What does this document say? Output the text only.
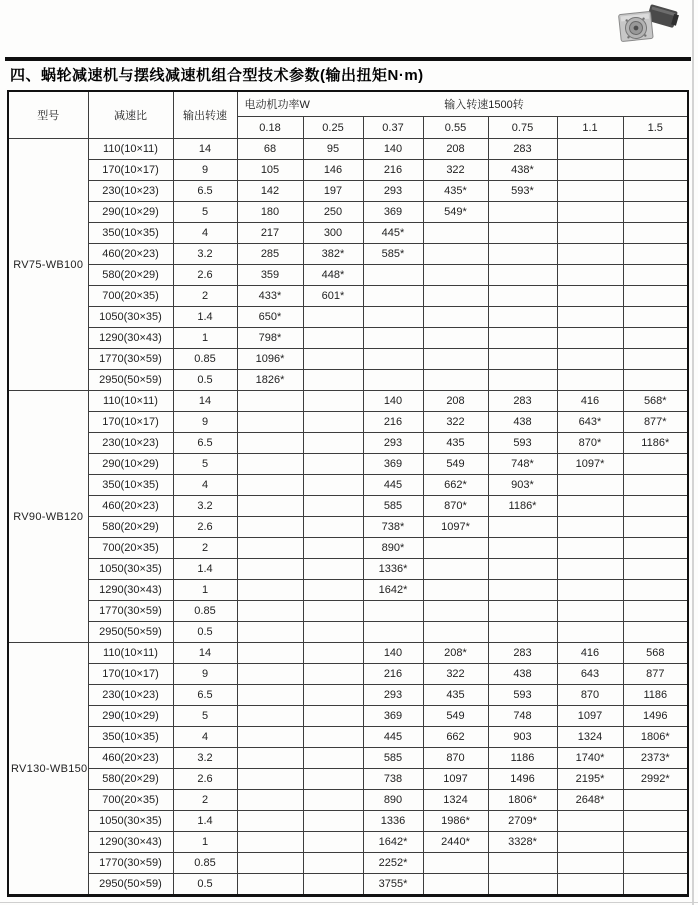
四、蜗轮减速机与摆线减速机组合型技术参数(输出扭矩N·m)
型号	减速比	输出转速	电动机功率W 输入转速1500转						

			0.18	0.25	0.37	0.55	0.75	1.1	1.5
RV75-WB100	110(10×11)	14	68	95	140	208	283		
	170(10×17)	9	105	146	216	322	438*		
	230(10×23)	6.5	142	197	293	435*	593*		
	290(10×29)	5	180	250	369	549*			
	350(10×35)	4	217	300	445*				
	460(20×23)	3.2	285	382*	585*				
	580(20×29)	2.6	359	448*					
	700(20×35)	2	433*	601*					
	1050(30×35)	1.4	650*						
	1290(30×43)	1	798*						
	1770(30×59)	0.85	1096*						
	2950(50×59)	0.5	1826*						
RV90-WB120	110(10×11)	14			140	208	283	416	568*
	170(10×17)	9			216	322	438	643*	877*
	230(10×23)	6.5			293	435	593	870*	1186*
	290(10×29)	5			369	549	748*	1097*	
	350(10×35)	4			445	662*	903*		
	460(20×23)	3.2			585	870*	1186*		
	580(20×29)	2.6			738*	1097*			
	700(20×35)	2			890*				
	1050(30×35)	1.4			1336*				
	1290(30×43)	1			1642*				
	1770(30×59)	0.85							
	2950(50×59)	0.5							
RV130-WB150	110(10×11)	14			140	208*	283	416	568
	170(10×17)	9			216	322	438	643	877
	230(10×23)	6.5			293	435	593	870	1186
	290(10×29)	5			369	549	748	1097	1496
	350(10×35)	4			445	662	903	1324	1806*
	460(20×23)	3.2			585	870	1186	1740*	2373*
	580(20×29)	2.6			738	1097	1496	2195*	2992*
	700(20×35)	2			890	1324	1806*	2648*	
	1050(30×35)	1.4			1336	1986*	2709*		
	1290(30×43)	1			1642*	2440*	3328*		
	1770(30×59)	0.85			2252*				
	2950(50×59)	0.5			3755*				
